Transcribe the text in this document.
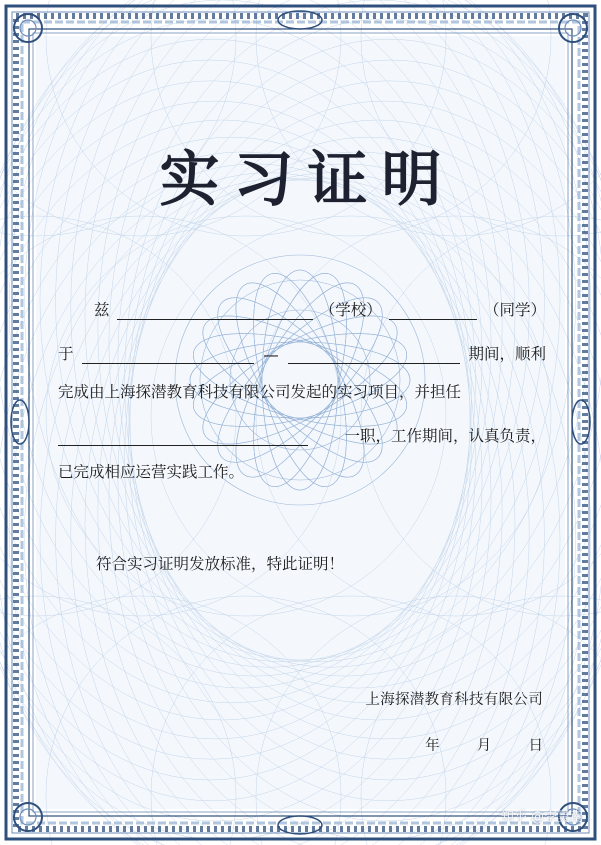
实习证明
兹	（学校）	（同学）
于	—	期间，顺利
完成由上海探潜教育科技有限公司发起的实习项目，并担任
一职，工作期间，认真负责，
已完成相应运营实践工作。
符合实习证明发放标准，特此证明！
上海探潜教育科技有限公司
年	月	日
知乎 @李昊南
